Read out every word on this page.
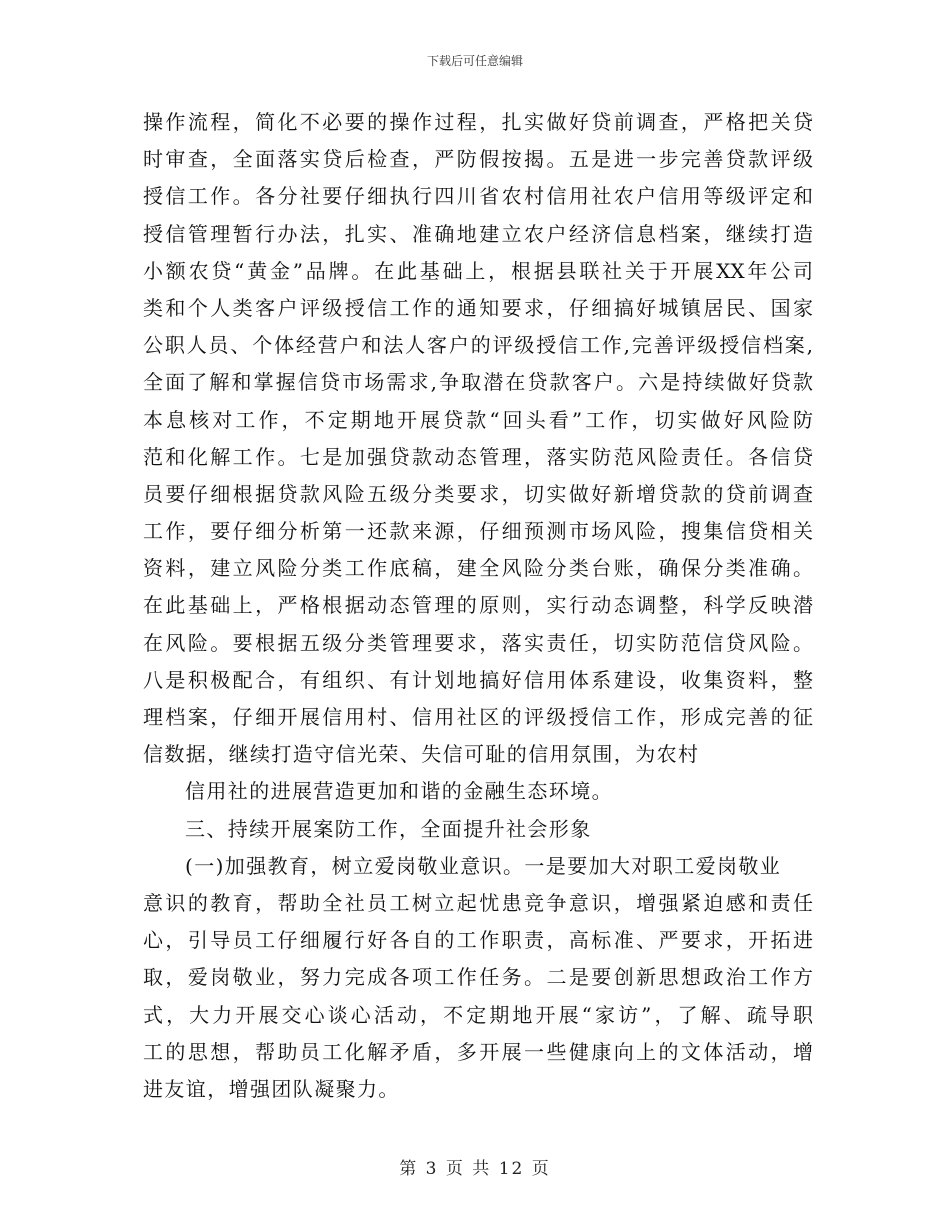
下载后可任意编辑
操作流程，简化不必要的操作过程，扎实做好贷前调查，严格把关贷
时审查，全面落实贷后检查，严防假按揭。五是进一步完善贷款评级
授信工作。各分社要仔细执行四川省农村信用社农户信用等级评定和
授信管理暂行办法，扎实、准确地建立农户经济信息档案，继续打造
小额农贷“黄金”品牌。在此基础上，根据县联社关于开展XX年公司
类和个人类客户评级授信工作的通知要求，仔细搞好城镇居民、国家
公职人员、个体经营户和法人客户的评级授信工作,完善评级授信档案,
全面了解和掌握信贷市场需求,争取潜在贷款客户。六是持续做好贷款
本息核对工作，不定期地开展贷款“回头看”工作，切实做好风险防
范和化解工作。七是加强贷款动态管理，落实防范风险责任。各信贷
员要仔细根据贷款风险五级分类要求，切实做好新增贷款的贷前调查
工作，要仔细分析第一还款来源，仔细预测市场风险，搜集信贷相关
资料，建立风险分类工作底稿，建全风险分类台账，确保分类准确。
在此基础上，严格根据动态管理的原则，实行动态调整，科学反映潜
在风险。要根据五级分类管理要求，落实责任，切实防范信贷风险。
八是积极配合，有组织、有计划地搞好信用体系建设，收集资料，整
理档案，仔细开展信用村、信用社区的评级授信工作，形成完善的征
信数据，继续打造守信光荣、失信可耻的信用氛围，为农村
信用社的进展营造更加和谐的金融生态环境。
三、持续开展案防工作，全面提升社会形象
(一)加强教育，树立爱岗敬业意识。一是要加大对职工爱岗敬业
意识的教育，帮助全社员工树立起忧患竞争意识，增强紧迫感和责任
心，引导员工仔细履行好各自的工作职责，高标准、严要求，开拓进
取，爱岗敬业，努力完成各项工作任务。二是要创新思想政治工作方
式，大力开展交心谈心活动，不定期地开展“家访”，了解、疏导职
工的思想，帮助员工化解矛盾，多开展一些健康向上的文体活动，增
进友谊，增强团队凝聚力。
第 3 页 共 12 页
